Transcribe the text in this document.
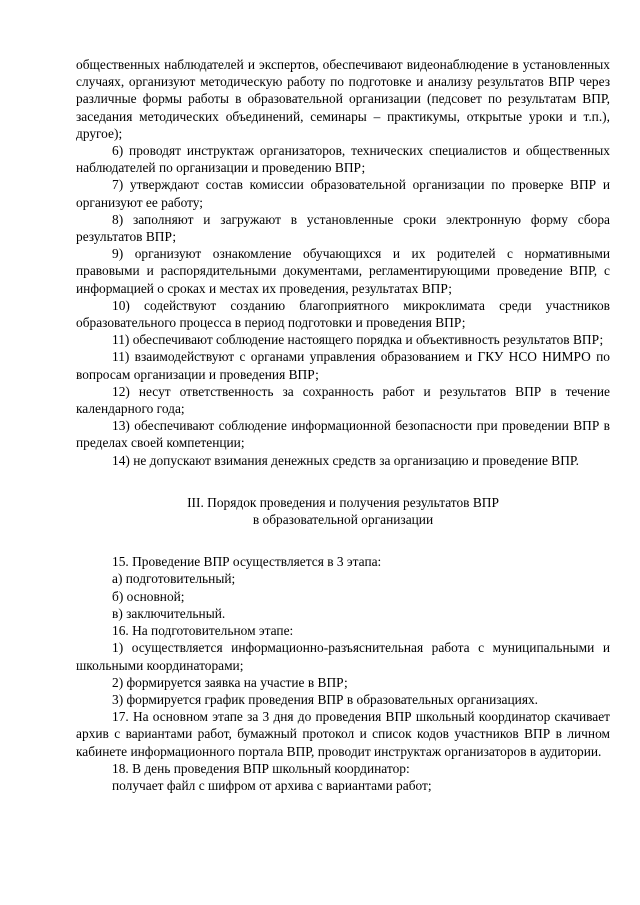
общественных наблюдателей и экспертов, обеспечивают видеонаблюдение в установленных случаях, организуют методическую работу по подготовке и анализу результатов ВПР через различные формы работы в образовательной организации (педсовет по результатам ВПР, заседания методических объединений, семинары – практикумы, открытые уроки и т.п.), другое);

6) проводят инструктаж организаторов, технических специалистов и общественных наблюдателей по организации и проведению ВПР;

7) утверждают состав комиссии образовательной организации по проверке ВПР и организуют ее работу;

8) заполняют и загружают в установленные сроки электронную форму сбора результатов ВПР;

9) организуют ознакомление обучающихся и их родителей с нормативными правовыми и распорядительными документами, регламентирующими проведение ВПР, с информацией о сроках и местах их проведения, результатах ВПР;

10) содействуют созданию благоприятного микроклимата среди участников образовательного процесса в период подготовки и проведения ВПР;

11) обеспечивают соблюдение настоящего порядка и объективность результатов ВПР;

11) взаимодействуют с органами управления образованием и ГКУ НСО НИМРО по вопросам организации и проведения ВПР;

12) несут ответственность за сохранность работ и результатов ВПР в течение календарного года;

13) обеспечивают соблюдение информационной безопасности при проведении ВПР в пределах своей компетенции;

14) не допускают взимания денежных средств за организацию и проведение ВПР.

III. Порядок проведения и получения результатов ВПР

в образовательной организации

15. Проведение ВПР осуществляется в 3 этапа:

а) подготовительный;

б) основной;

в) заключительный.

16. На подготовительном этапе:

1) осуществляется информационно-разъяснительная работа с муниципальными и школьными координаторами;

2) формируется заявка на участие в ВПР;

3) формируется график проведения ВПР в образовательных организациях.

17. На основном этапе за 3 дня до проведения ВПР школьный координатор скачивает архив с вариантами работ, бумажный протокол и список кодов участников ВПР в личном кабинете информационного портала ВПР, проводит инструктаж организаторов в аудитории.

18. В день проведения ВПР школьный координатор:

получает файл с шифром от архива с вариантами работ;
